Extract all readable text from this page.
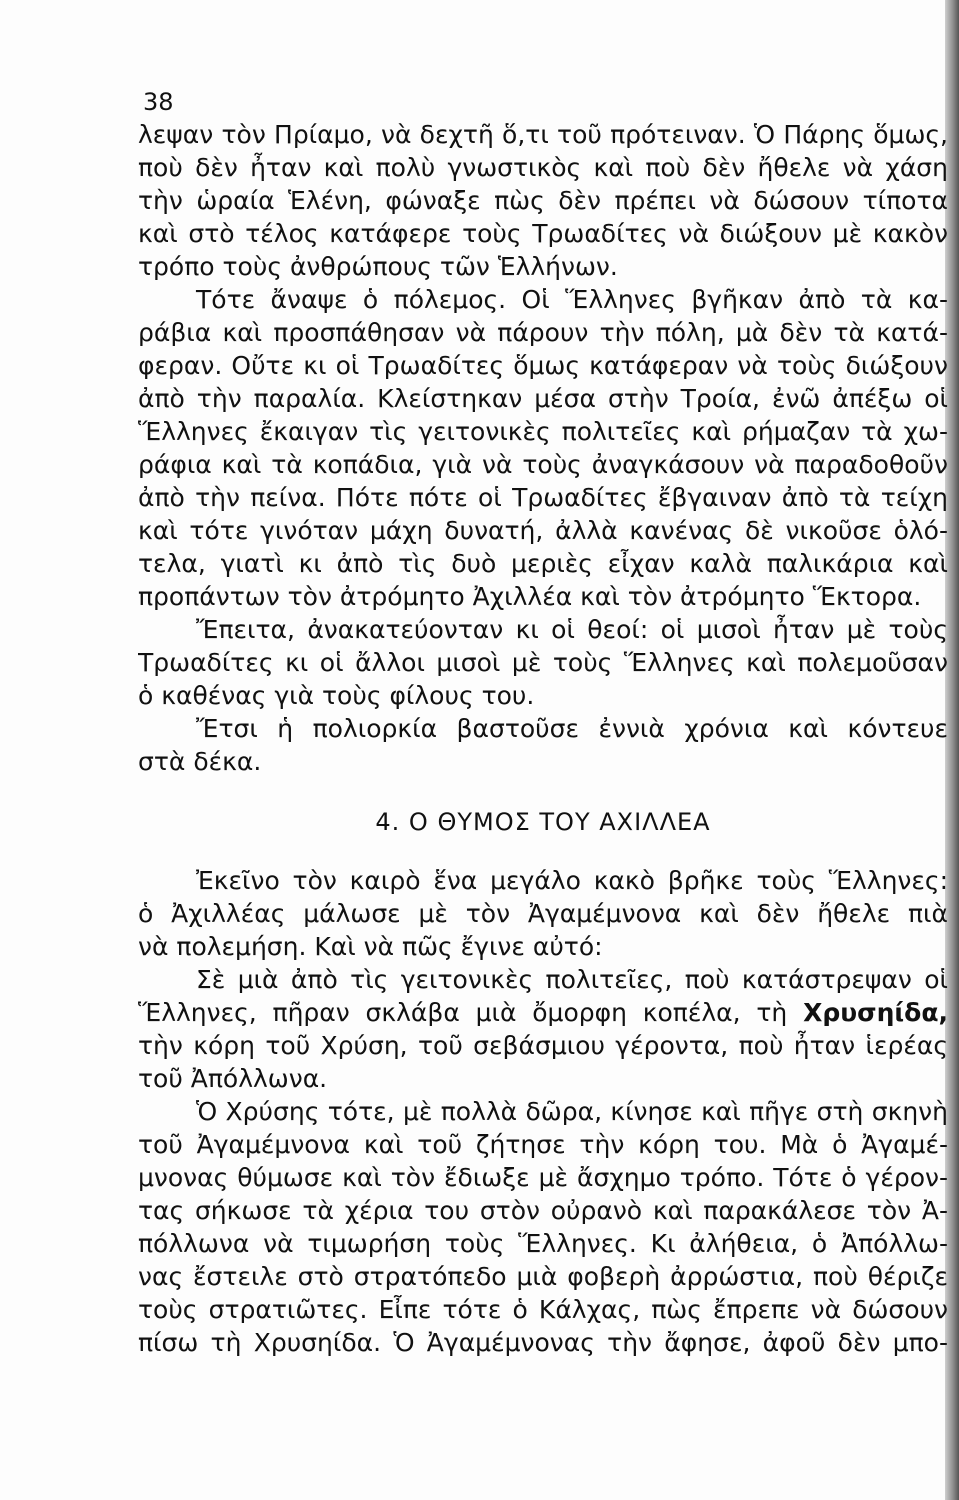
38
λεψαν τὸν Πρίαμο, νὰ δεχτῆ ὅ,τι τοῦ πρότειναν. Ὁ Πάρης ὅμως,
ποὺ δὲν ἦταν καὶ πολὺ γνωστικὸς καὶ ποὺ δὲν ἤθελε νὰ χάση
τὴν ὡραία Ἑλένη, φώναξε πὼς δὲν πρέπει νὰ δώσουν τίποτα
καὶ στὸ τέλος κατάφερε τοὺς Τρωαδίτες νὰ διώξουν μὲ κακὸν
τρόπο τοὺς ἀνθρώπους τῶν Ἑλλήνων.
Τότε ἄναψε ὁ πόλεμος. Οἱ Ἕλληνες βγῆκαν ἀπὸ τὰ κα-
ράβια καὶ προσπάθησαν νὰ πάρουν τὴν πόλη, μὰ δὲν τὰ κατά-
φεραν. Οὔτε κι οἱ Τρωαδίτες ὅμως κατάφεραν νὰ τοὺς διώξουν
ἀπὸ τὴν παραλία. Κλείστηκαν μέσα στὴν Τροία, ἐνῶ ἀπέξω οἱ
Ἕλληνες ἔκαιγαν τὶς γειτονικὲς πολιτεῖες καὶ ρήμαζαν τὰ χω-
ράφια καὶ τὰ κοπάδια, γιὰ νὰ τοὺς ἀναγκάσουν νὰ παραδοθοῦν
ἀπὸ τὴν πείνα. Πότε πότε οἱ Τρωαδίτες ἔβγαιναν ἀπὸ τὰ τείχη
καὶ τότε γινόταν μάχη δυνατή, ἀλλὰ κανένας δὲ νικοῦσε ὁλό-
τελα, γιατὶ κι ἀπὸ τὶς δυὸ μεριὲς εἶχαν καλὰ παλικάρια καὶ
προπάντων τὸν ἀτρόμητο Ἀχιλλέα καὶ τὸν ἀτρόμητο Ἕκτορα.
Ἔπειτα, ἀνακατεύονταν κι οἱ θεοί: οἱ μισοὶ ἦταν μὲ τοὺς
Τρωαδίτες κι οἱ ἄλλοι μισοὶ μὲ τοὺς Ἕλληνες καὶ πολεμοῦσαν
ὁ καθένας γιὰ τοὺς φίλους του.
Ἔτσι ἡ πολιορκία βαστοῦσε ἐννιὰ χρόνια καὶ κόντευε
στὰ δέκα.
4. Ο ΘΥΜΟΣ ΤΟΥ ΑΧΙΛΛΕΑ
Ἐκεῖνο τὸν καιρὸ ἕνα μεγάλο κακὸ βρῆκε τοὺς Ἕλληνες:
ὁ Ἀχιλλέας μάλωσε μὲ τὸν Ἀγαμέμνονα καὶ δὲν ἤθελε πιὰ
νὰ πολεμήση. Καὶ νὰ πῶς ἔγινε αὐτό:
Σὲ μιὰ ἀπὸ τὶς γειτονικὲς πολιτεῖες, ποὺ κατάστρεψαν οἱ
Ἕλληνες, πῆραν σκλάβα μιὰ ὄμορφη κοπέλα, τὴ Χρυσηίδα,
τὴν κόρη τοῦ Χρύση, τοῦ σεβάσμιου γέροντα, ποὺ ἦταν ἱερέας
τοῦ Ἀπόλλωνα.
Ὁ Χρύσης τότε, μὲ πολλὰ δῶρα, κίνησε καὶ πῆγε στὴ σκηνὴ
τοῦ Ἀγαμέμνονα καὶ τοῦ ζήτησε τὴν κόρη του. Μὰ ὁ Ἀγαμέ-
μνονας θύμωσε καὶ τὸν ἔδιωξε μὲ ἄσχημο τρόπο. Τότε ὁ γέρον-
τας σήκωσε τὰ χέρια του στὸν οὐρανὸ καὶ παρακάλεσε τὸν Ἀ-
πόλλωνα νὰ τιμωρήση τοὺς Ἕλληνες. Κι ἀλήθεια, ὁ Ἀπόλλω-
νας ἔστειλε στὸ στρατόπεδο μιὰ φοβερὴ ἀρρώστια, ποὺ θέριζε
τοὺς στρατιῶτες. Εἶπε τότε ὁ Κάλχας, πὼς ἔπρεπε νὰ δώσουν
πίσω τὴ Χρυσηίδα. Ὁ Ἀγαμέμνονας τὴν ἄφησε, ἀφοῦ δὲν μπο-
